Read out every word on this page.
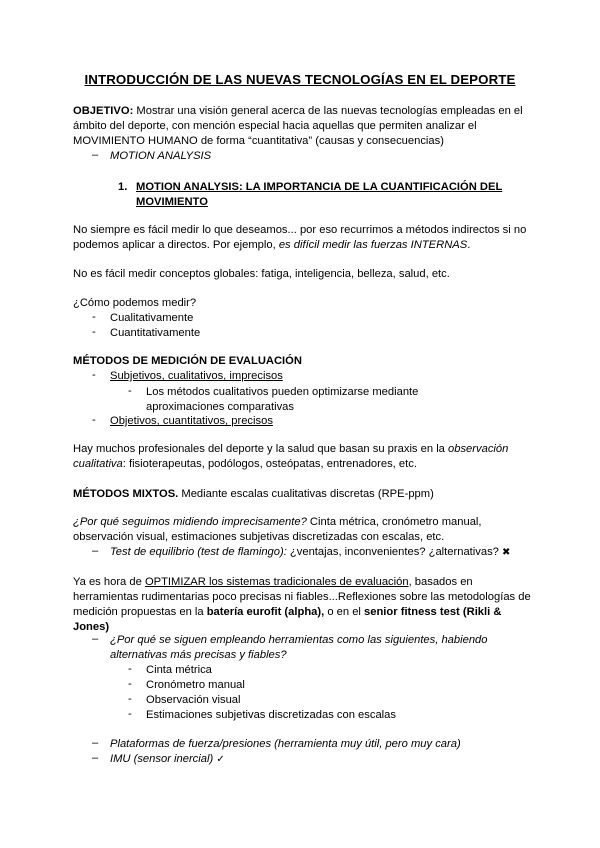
INTRODUCCIÓN DE LAS NUEVAS TECNOLOGÍAS EN EL DEPORTE
OBJETIVO: Mostrar una visión general acerca de las nuevas tecnologías empleadas en el ámbito del deporte, con mención especial hacia aquellas que permiten analizar el MOVIMIENTO HUMANO de forma “cuantitativa” (causas y consecuencias)
– MOTION ANALYSIS
1. MOTION ANALYSIS: LA IMPORTANCIA DE LA CUANTIFICACIÓN DEL MOVIMIENTO
No siempre es fácil medir lo que deseamos... por eso recurrimos a métodos indirectos si no podemos aplicar a directos. Por ejemplo, es difícil medir las fuerzas INTERNAS.
No es fácil medir conceptos globales: fatiga, inteligencia, belleza, salud, etc.
¿Cómo podemos medir?
- Cualitativamente
- Cuantitativamente
MÉTODOS DE MEDICIÓN DE EVALUACIÓN
- Subjetivos, cualitativos, imprecisos
- Los métodos cualitativos pueden optimizarse mediante aproximaciones comparativas
- Objetivos, cuantitativos, precisos
Hay muchos profesionales del deporte y la salud que basan su praxis en la observación cualitativa: fisioterapeutas, podólogos, osteópatas, entrenadores, etc.
MÉTODOS MIXTOS. Mediante escalas cualitativas discretas (RPE-ppm)
¿Por qué seguimos midiendo imprecisamente? Cinta métrica, cronómetro manual, observación visual, estimaciones subjetivas discretizadas con escalas, etc.
– Test de equilibrio (test de flamingo): ¿ventajas, inconvenientes? ¿alternativas? ✖
Ya es hora de OPTIMIZAR los sistemas tradicionales de evaluación, basados en herramientas rudimentarias poco precisas ni fiables...Reflexiones sobre las metodologías de medición propuestas en la batería eurofit (alpha), o en el senior fitness test (Rikli & Jones)
– ¿Por qué se siguen empleando herramientas como las siguientes, habiendo alternativas más precisas y fiables?
- Cinta métrica
- Cronómetro manual
- Observación visual
- Estimaciones subjetivas discretizadas con escalas
– Plataformas de fuerza/presiones (herramienta muy útil, pero muy cara)
– IMU (sensor inercial) ✓
